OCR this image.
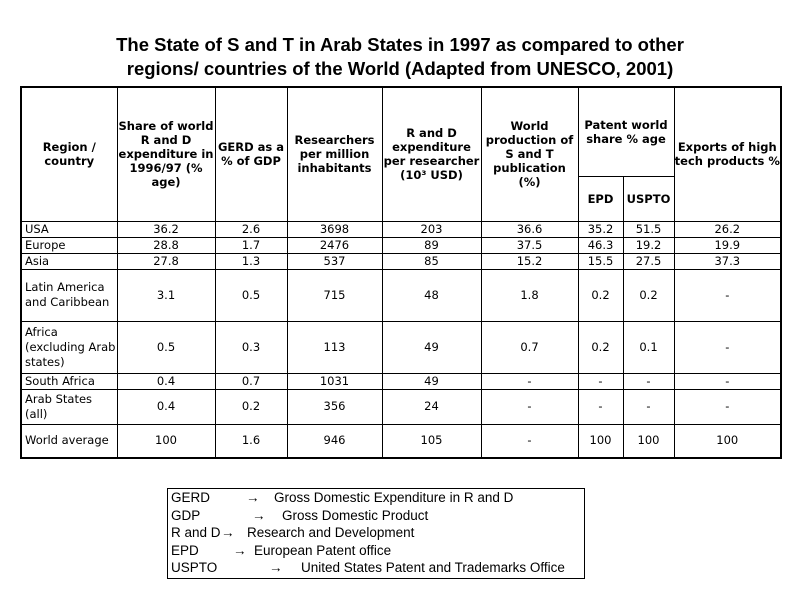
The State of S and T in Arab States in 1997 as compared to other
regions/ countries of the World (Adapted from UNESCO, 2001)
Region / country	Share of world R and D expenditure in 1996/97 (% age)	GERD as a % of GDP	Researchers per million inhabitants	R and D expenditure per researcher (10³ USD)	World production of S and T publication (%)	Patent world share % age		Exports of high tech products %
						EPD	USPTO	
USA	36.2	2.6	3698	203	36.6	35.2	51.5	26.2
Europe	28.8	1.7	2476	89	37.5	46.3	19.2	19.9
Asia	27.8	1.3	537	85	15.2	15.5	27.5	37.3
Latin America and Caribbean	3.1	0.5	715	48	1.8	0.2	0.2	-
Africa (excluding Arab states)	0.5	0.3	113	49	0.7	0.2	0.1	-
South Africa	0.4	0.7	1031	49	-	-	-	-
Arab States (all)	0.4	0.2	356	24	-	-	-	-
World average	100	1.6	946	105	-	100	100	100
GERD	→	Gross Domestic Expenditure in R and D
GDP	→	Gross Domestic Product
R and D → Research and Development
EPD	→ European Patent office
USPTO	→	United States Patent and Trademarks Office
